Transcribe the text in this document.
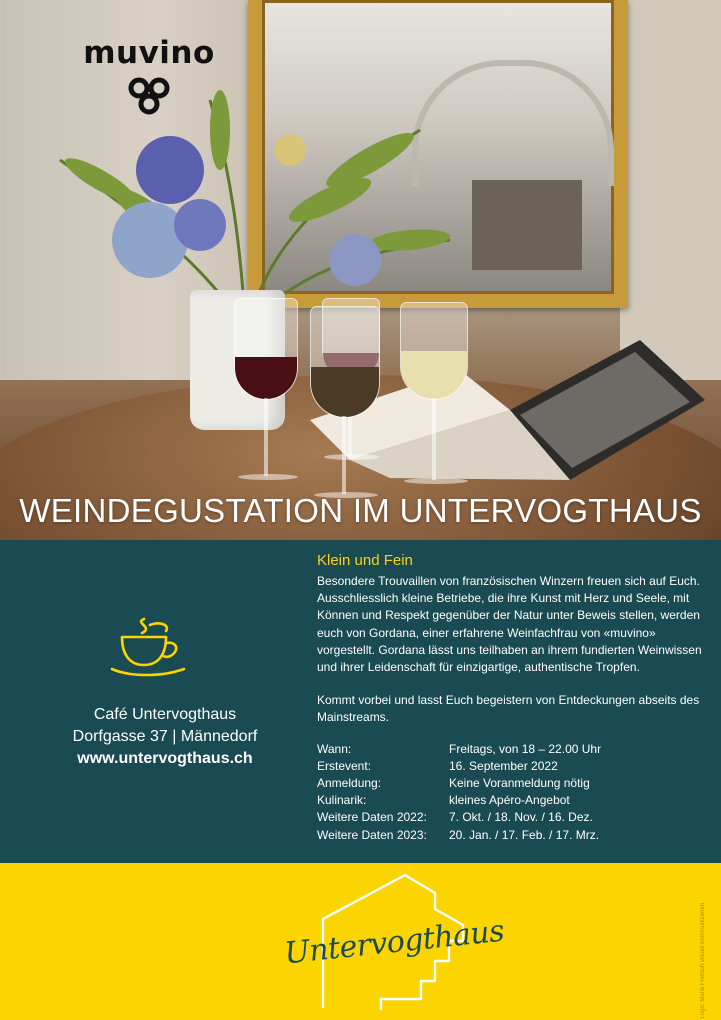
muvino
WEINDEGUSTATION IM UNTERVOGTHAUS
Café Untervogthaus
Dorfgasse 37 | Männedorf
www.untervogthaus.ch
Klein und Fein

Besondere Trouvaillen von französischen Winzern freuen sich auf Euch. Ausschliesslich kleine Betriebe, die ihre Kunst mit Herz und Seele, mit Können und Respekt gegenüber der Natur unter Beweis stellen, werden euch von Gordana, einer erfahrene Weinfachfrau von «muvino» vorgestellt. Gordana lässt uns teilhaben an ihrem fundierten Weinwissen und ihrer Leidenschaft für einzigartige, authentische Tropfen.

Kommt vorbei und lasst Euch begeistern von Entdeckungen abseits des Mainstreams.

Wann:	Freitags, von 18 – 22.00 Uhr
Erstevent:	16. September 2022
Anmeldung:	Keine Voranmeldung nötig
Kulinarik:	kleines Apéro-Angebot
Weitere Daten 2022:	7. Okt. / 18. Nov. / 16. Dez.
Weitere Daten 2023:	20. Jan. / 17. Feb. / 17. Mrz.
Untervogthaus	Logo: Marie Frietsch visuell kommunizieren
